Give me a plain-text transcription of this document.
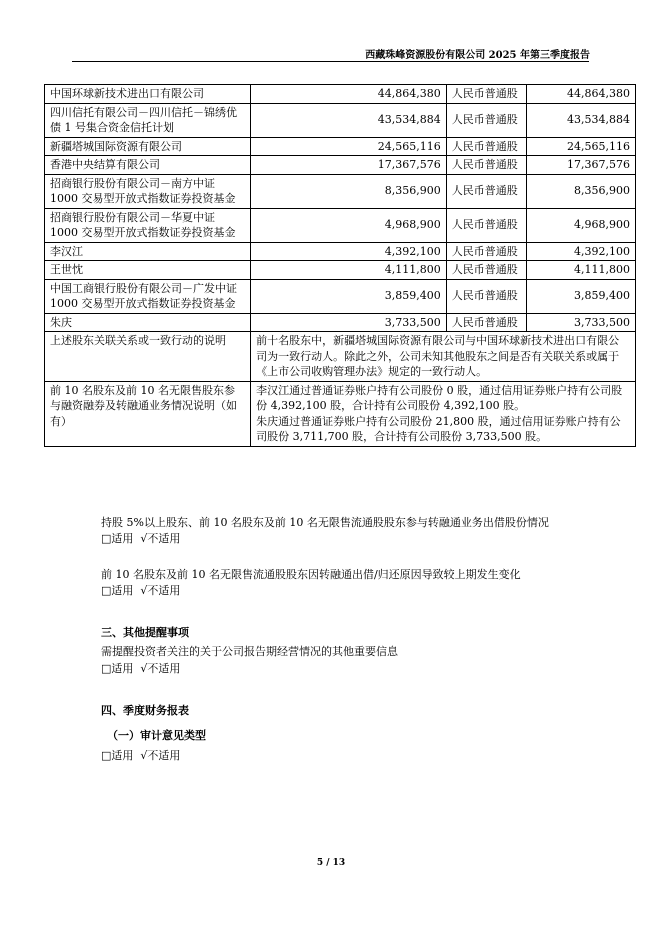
西藏珠峰资源股份有限公司 2025 年第三季度报告
中国环球新技术进出口有限公司	44,864,380	人民币普通股	44,864,380
四川信托有限公司－四川信托－锦绣优债 1 号集合资金信托计划	43,534,884	人民币普通股	43,534,884
新疆塔城国际资源有限公司	24,565,116	人民币普通股	24,565,116
香港中央结算有限公司	17,367,576	人民币普通股	17,367,576
招商银行股份有限公司－南方中证 1000 交易型开放式指数证券投资基金	8,356,900	人民币普通股	8,356,900
招商银行股份有限公司－华夏中证 1000 交易型开放式指数证券投资基金	4,968,900	人民币普通股	4,968,900
李汉江	4,392,100	人民币普通股	4,392,100
王世忱	4,111,800	人民币普通股	4,111,800
中国工商银行股份有限公司－广发中证 1000 交易型开放式指数证券投资基金	3,859,400	人民币普通股	3,859,400
朱庆	3,733,500	人民币普通股	3,733,500
上述股东关联关系或一致行动的说明	前十名股东中，新疆塔城国际资源有限公司与中国环球新技术进出口有限公司为一致行动人。除此之外，公司未知其他股东之间是否有关联关系或属于《上市公司收购管理办法》规定的一致行动人。		
前 10 名股东及前 10 名无限售股东参与融资融券及转融通业务情况说明（如有）	李汉江通过普通证券账户持有公司股份 0 股，通过信用证券账户持有公司股份 4,392,100 股，合计持有公司股份 4,392,100 股。
朱庆通过普通证券账户持有公司股份 21,800 股，通过信用证券账户持有公司股份 3,711,700 股，合计持有公司股份 3,733,500 股。		
持股 5%以上股东、前 10 名股东及前 10 名无限售流通股股东参与转融通业务出借股份情况
□适用  √不适用
前 10 名股东及前 10 名无限售流通股股东因转融通出借/归还原因导致较上期发生变化
□适用  √不适用
三、其他提醒事项
需提醒投资者关注的关于公司报告期经营情况的其他重要信息
□适用  √不适用
四、季度财务报表
（一）审计意见类型
□适用  √不适用
5 / 13
